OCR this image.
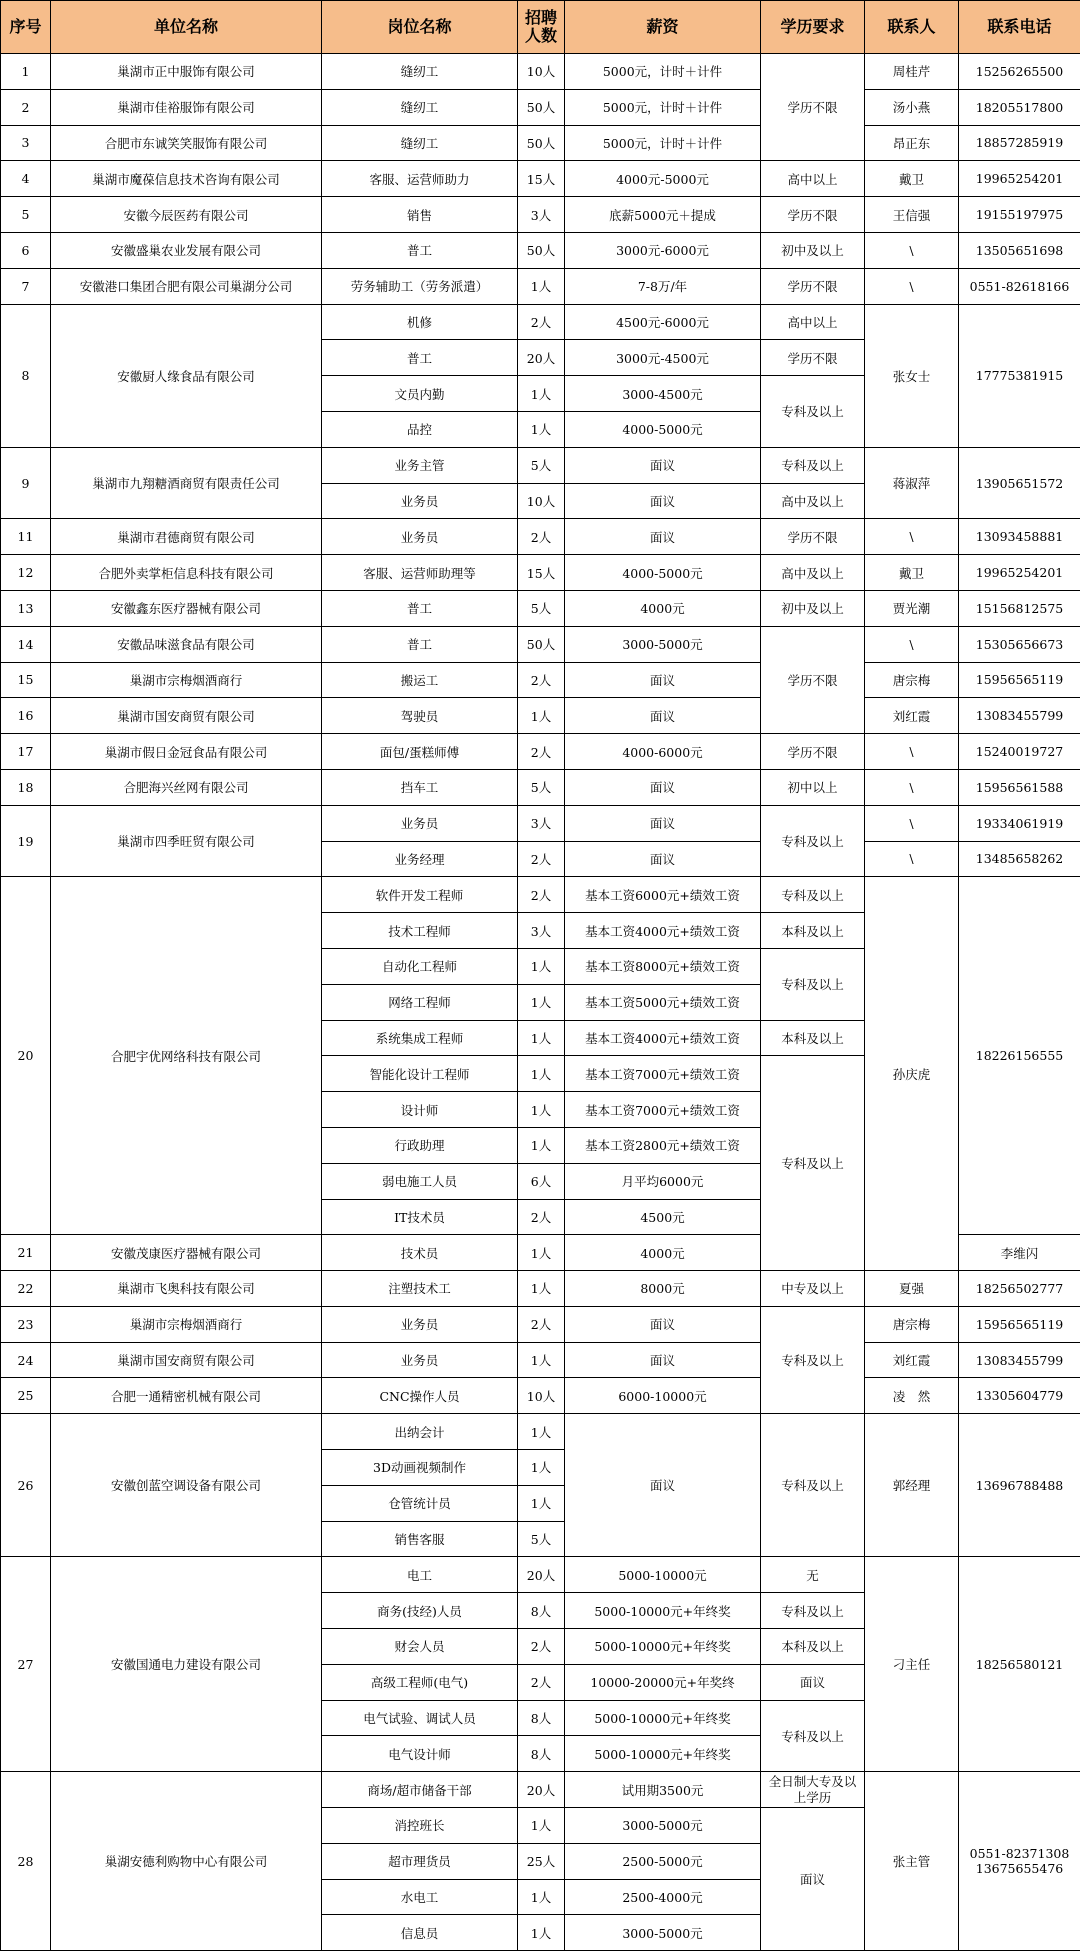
序号	单位名称	岗位名称	招聘人数	薪资	学历要求	联系人	联系电话	
1	巢湖市正中服饰有限公司	缝纫工	10人	5000元，计时＋计件	学历不限	周桂芹	15256265500	
2	巢湖市佳裕服饰有限公司	缝纫工	50人	5000元，计时＋计件		汤小燕	18205517800	
3	合肥市东诚笑笑服饰有限公司	缝纫工	50人	5000元，计时＋计件		昂正东	18857285919	
4	巢湖市魔葆信息技术咨询有限公司	客服、运营师助力	15人	4000元-5000元	高中以上	戴卫	19965254201	
5	安徽今辰医药有限公司	销售	3人	底薪5000元＋提成	学历不限	王信强	19155197975	
6	安徽盛巢农业发展有限公司	普工	50人	3000元-6000元	初中及以上	\	13505651698	
7	安徽港口集团合肥有限公司巢湖分公司	劳务辅助工（劳务派遣）	1人	7-8万/年	学历不限	\	0551-82618166	
8	安徽厨人缘食品有限公司	机修	2人	4500元-6000元	高中以上	张女士	17775381915	
		普工	20人	3000元-4500元	学历不限			
		文员内勤	1人	3000-4500元	专科及以上			
		品控	1人	4000-5000元				
9	巢湖市九翔糖酒商贸有限责任公司	业务主管	5人	面议	专科及以上	蒋淑萍	13905651572	
		业务员	10人	面议	高中及以上			
11	巢湖市君德商贸有限公司	业务员	2人	面议	学历不限	\	13093458881	
12	合肥外卖掌柜信息科技有限公司	客服、运营师助理等	15人	4000-5000元	高中及以上	戴卫	19965254201	
13	安徽鑫东医疗器械有限公司	普工	5人	4000元	初中及以上	贾光潮	15156812575	
14	安徽品味滋食品有限公司	普工	50人	3000-5000元	学历不限	\	15305656673	
15	巢湖市宗梅烟酒商行	搬运工	2人	面议		唐宗梅	15956565119	
16	巢湖市国安商贸有限公司	驾驶员	1人	面议		刘红霞	13083455799	
17	巢湖市假日金冠食品有限公司	面包/蛋糕师傅	2人	4000-6000元	学历不限	\	15240019727	
18	合肥海兴丝网有限公司	挡车工	5人	面议	初中以上	\	15956561588	
19	巢湖市四季旺贸有限公司	业务员	3人	面议	专科及以上	\	19334061919	
		业务经理	2人	面议		\	13485658262	
20	合肥宇优网络科技有限公司	软件开发工程师	2人	基本工资6000元+绩效工资	专科及以上	孙庆虎	18226156555	
		技术工程师	3人	基本工资4000元+绩效工资	本科及以上			
		自动化工程师	1人	基本工资8000元+绩效工资	专科及以上			
		网络工程师	1人	基本工资5000元+绩效工资				
		系统集成工程师	1人	基本工资4000元+绩效工资	本科及以上			
		智能化设计工程师	1人	基本工资7000元+绩效工资	专科及以上			
		设计师	1人	基本工资7000元+绩效工资				
		行政助理	1人	基本工资2800元+绩效工资				
		弱电施工人员	6人	月平均6000元				
		IT技术员	2人	4500元				
21	安徽茂康医疗器械有限公司	技术员	1人	4000元			李维闪	
22	巢湖市飞奥科技有限公司	注塑技术工	1人	8000元	中专及以上	夏强	18256502777	
23	巢湖市宗梅烟酒商行	业务员	2人	面议	专科及以上	唐宗梅	15956565119	
24	巢湖市国安商贸有限公司	业务员	1人	面议		刘红霞	13083455799	
25	合肥一通精密机械有限公司	CNC操作人员	10人	6000-10000元		凌　然	13305604779	
26	安徽创蓝空调设备有限公司	出纳会计	1人	面议	专科及以上	郭经理	13696788488	
		3D动画视频制作	1人					
		仓管统计员	1人					
		销售客服	5人					
27	安徽国通电力建设有限公司	电工	20人	5000-10000元	无	刁主任	18256580121	
		商务(技经)人员	8人	5000-10000元+年终奖	专科及以上			
		财会人员	2人	5000-10000元+年终奖	本科及以上			
		高级工程师(电气)	2人	10000-20000元+年奖终	面议			
		电气试验、调试人员	8人	5000-10000元+年终奖	专科及以上			
		电气设计师	8人	5000-10000元+年终奖				
28	巢湖安德利购物中心有限公司	商场/超市储备干部	20人	试用期3500元	全日制大专及以上学历	张主管	0551-82371308 13675655476	
		消控班长	1人	3000-5000元	面议			
		超市理货员	25人	2500-5000元				
		水电工	1人	2500-4000元				
		信息员	1人	3000-5000元				
